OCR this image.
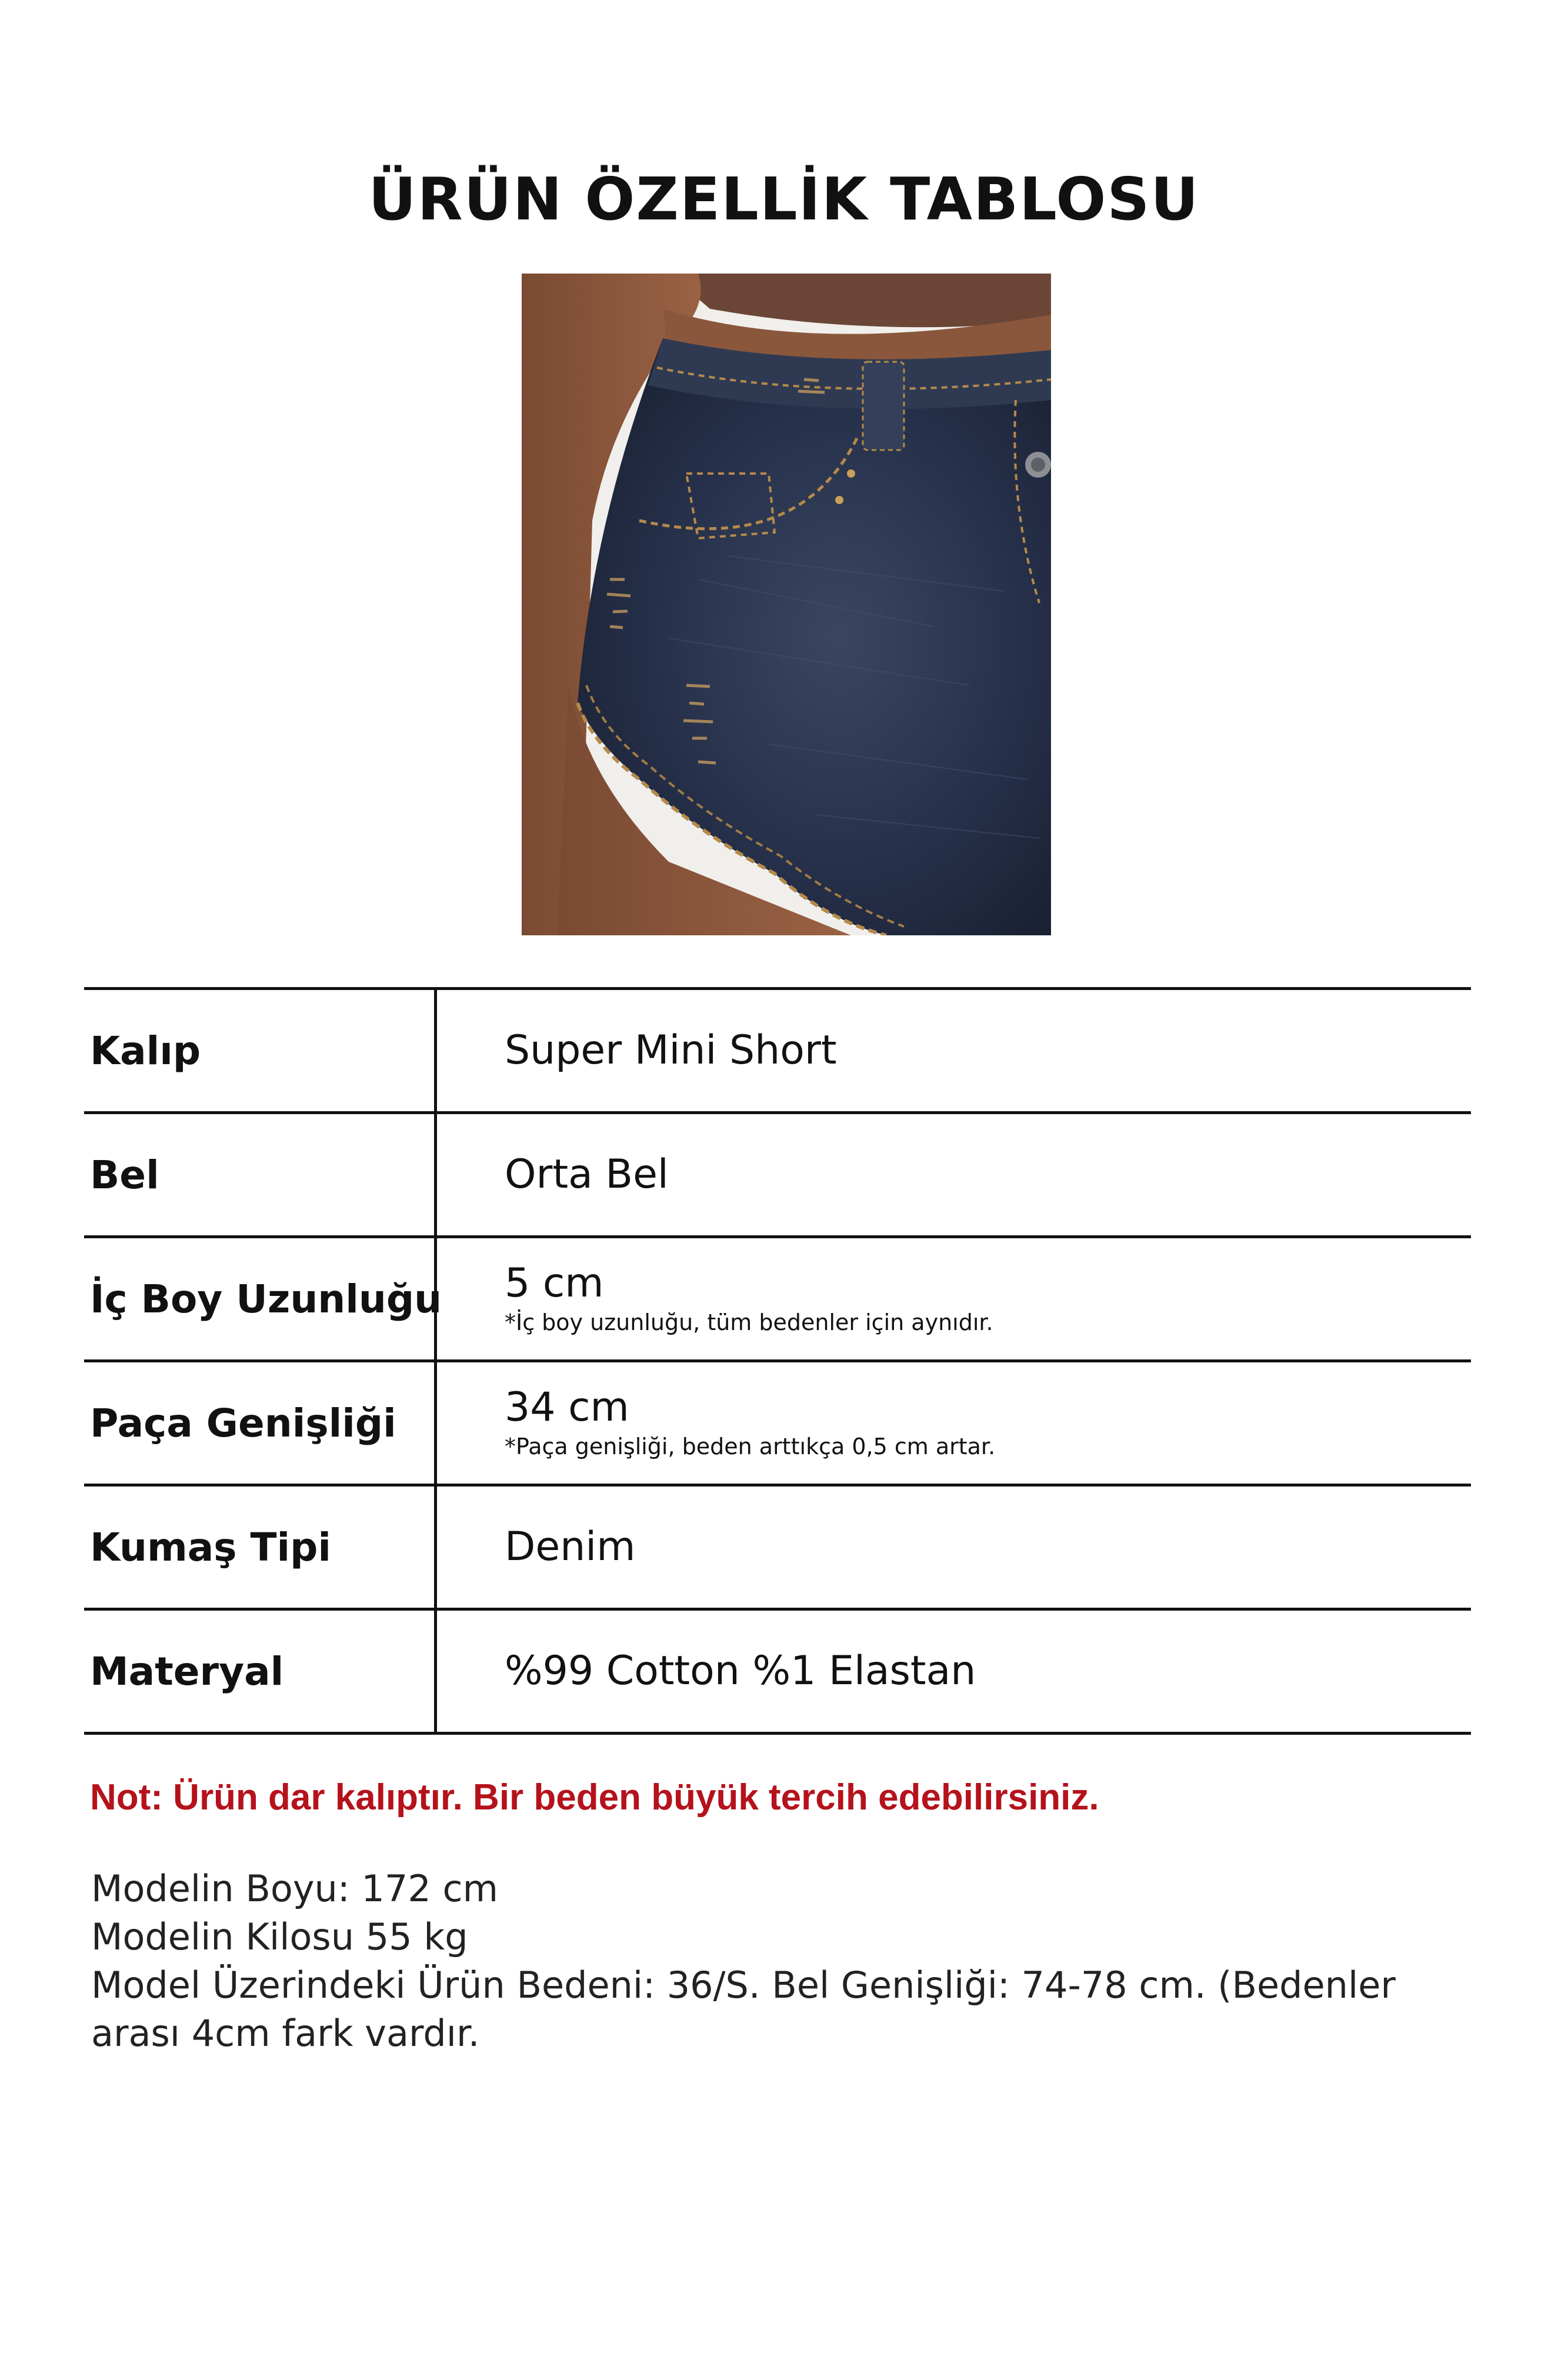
ÜRÜN ÖZELLİK TABLOSU
Kalıp	Super Mini Short
Bel	Orta Bel
İç Boy Uzunluğu 5 cm
*İç boy uzunluğu, tüm bedenler için aynıdır.
Paça Genişliği	34 cm
*Paça genişliği, beden arttıkça 0,5 cm artar.
Kumaş Tipi	Denim
Materyal	%99 Cotton %1 Elastan
Not: Ürün dar kalıptır. Bir beden büyük tercih edebilirsiniz.

Modelin Boyu: 172 cm

Modelin Kilosu 55 kg

Model Üzerindeki Ürün Bedeni: 36/S. Bel Genişliği: 74-78 cm. (Bedenler arası 4cm fark vardır.
